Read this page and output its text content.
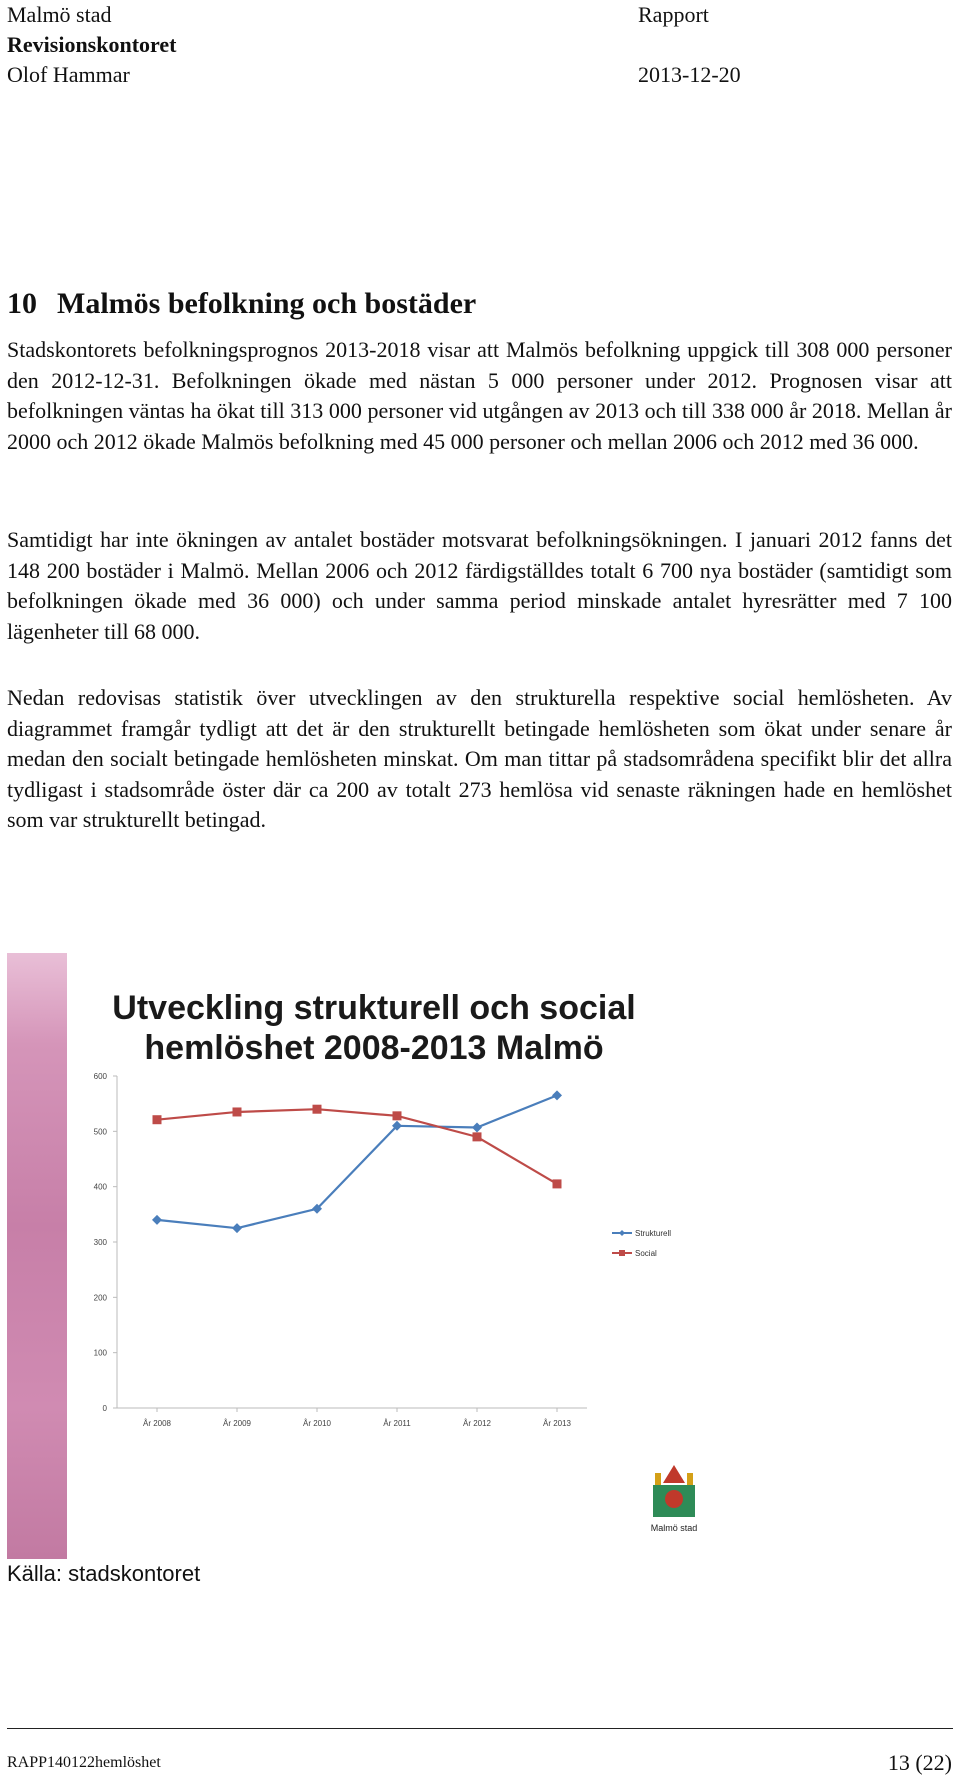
Malmö stad	Rapport
Revisionskontoret
Olof Hammar	2013-12-20
10 Malmös befolkning och bostäder

Stadskontorets befolkningsprognos 2013-2018 visar att Malmös befolkning uppgick till 308 000 personer den 2012-12-31. Befolkningen ökade med nästan 5 000 personer under 2012. Prognosen visar att befolkningen väntas ha ökat till 313 000 personer vid utgången av 2013 och till 338 000 år 2018. Mellan år 2000 och 2012 ökade Malmös befolkning med 45 000 personer och mellan 2006 och 2012 med 36 000.

Samtidigt har inte ökningen av antalet bostäder motsvarat befolkningsökningen. I januari 2012 fanns det 148 200 bostäder i Malmö. Mellan 2006 och 2012 färdigställdes totalt 6 700 nya bostäder (samtidigt som befolkningen ökade med 36 000) och under samma period minskade antalet hyresrätter med 7 100 lägenheter till 68 000.

Nedan redovisas statistik över utvecklingen av den strukturella respektive social hemlösheten. Av diagrammet framgår tydligt att det är den strukturellt betingade hemlösheten som ökat under senare år medan den socialt betingade hemlösheten minskat. Om man tittar på stadsområdena specifikt blir det allra tydligast i stadsområde öster där ca 200 av totalt 273 hemlösa vid senaste räkningen hade en hemlöshet som var strukturellt betingad.

Utveckling strukturell och social
hemlöshet 2008-2013 Malmö
0
100
200
300
400
500
600
År 2008	År 2009	År 2010	År 2011	År 2012	År 2013
Strukturell
Social
Malmö stad
Källa: stadskontoret
RAPP140122hemlöshet	13 (22)
